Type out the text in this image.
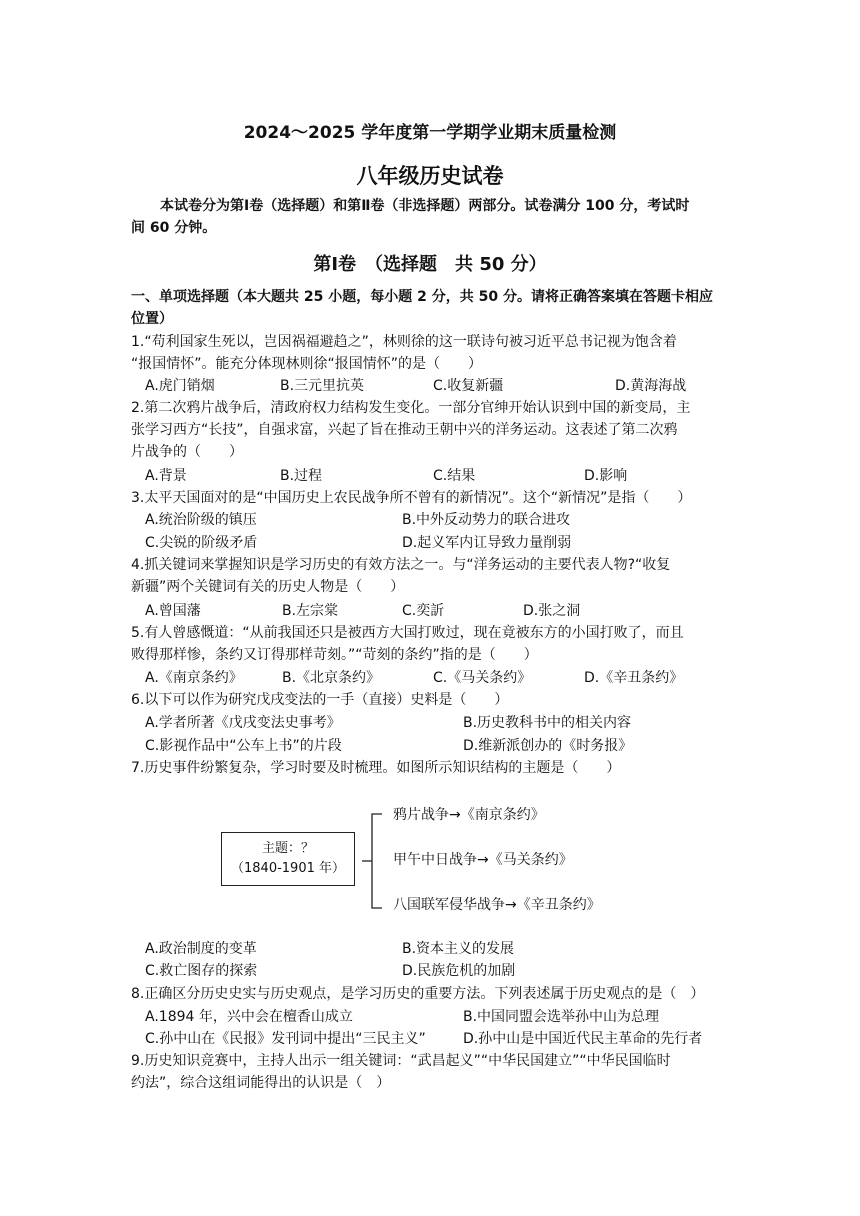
2024～2025 学年度第一学期学业期末质量检测
八年级历史试卷
本试卷分为第Ⅰ卷（选择题）和第Ⅱ卷（非选择题）两部分。试卷满分 100 分，考试时
间 60 分钟。
第Ⅰ卷　（选择题　共 50 分）
一、单项选择题（本大题共 25 小题，每小题 2 分，共 50 分。请将正确答案填在答题卡相应
位置）
1.“苟利国家生死以，岂因祸福避趋之”，林则徐的这一联诗句被习近平总书记视为饱含着
“报国情怀”。能充分体现林则徐“报国情怀”的是（　　）
A.虎门销烟	B.三元里抗英	C.收复新疆	D.黄海海战
2.第二次鸦片战争后，清政府权力结构发生变化。一部分官绅开始认识到中国的新变局，主
张学习西方“长技”，自强求富，兴起了旨在推动王朝中兴的洋务运动。这表述了第二次鸦
片战争的（　　）
A.背景	B.过程	C.结果	D.影响
3.太平天国面对的是“中国历史上农民战争所不曾有的新情况”。这个“新情况”是指（　　）
A.统治阶级的镇压	B.中外反动势力的联合进攻
C.尖锐的阶级矛盾	D.起义军内讧导致力量削弱
4.抓关键词来掌握知识是学习历史的有效方法之一。与“洋务运动的主要代表人物?“收复
新疆”两个关键词有关的历史人物是（　　）
A.曾国藩	B.左宗棠	C.奕訢	D.张之洞
5.有人曾感慨道：“从前我国还只是被西方大国打败过，现在竟被东方的小国打败了，而且
败得那样惨，条约又订得那样苛刻。”“苛刻的条约”指的是（　　）
A.《南京条约》	B.《北京条约》	C.《马关条约》	D.《辛丑条约》
6.以下可以作为研究戊戌变法的一手（直接）史料是（　　）
A.学者所著《戊戌变法史事考》	B.历史教科书中的相关内容
C.影视作品中“公车上书”的片段	D.维新派创办的《时务报》
7.历史事件纷繁复杂，学习时要及时梳理。如图所示知识结构的主题是（　　）
主题：？
（1840-1901 年）
鸦片战争→《南京条约》
甲午中日战争→《马关条约》
八国联军侵华战争→《辛丑条约》
A.政治制度的变革	B.资本主义的发展
C.救亡图存的探索	D.民族危机的加剧
8.正确区分历史史实与历史观点，是学习历史的重要方法。下列表述属于历史观点的是（　）
A.1894 年，兴中会在檀香山成立	B.中国同盟会选举孙中山为总理
C.孙中山在《民报》发刊词中提出“三民主义”	D.孙中山是中国近代民主革命的先行者
9.历史知识竞赛中，主持人出示一组关键词：“武昌起义”“中华民国建立”“中华民国临时
约法”，综合这组词能得出的认识是（　）
